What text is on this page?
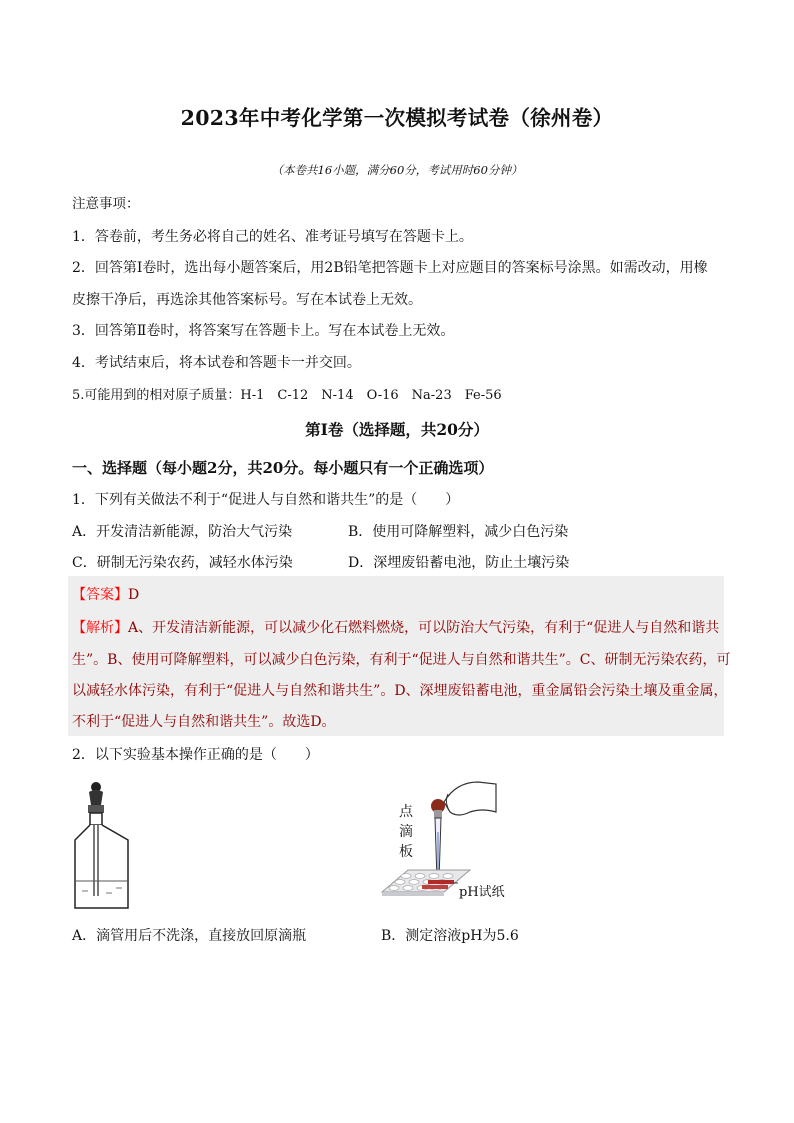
2023年中考化学第一次模拟考试卷（徐州卷）
（本卷共16小题，满分60分，考试用时60分钟）
注意事项：
1．答卷前，考生务必将自己的姓名、准考证号填写在答题卡上。
2．回答第Ⅰ卷时，选出每小题答案后，用2B铅笔把答题卡上对应题目的答案标号涂黑。如需改动，用橡
皮擦干净后，再选涂其他答案标号。写在本试卷上无效。
3．回答第Ⅱ卷时，将答案写在答题卡上。写在本试卷上无效。
4．考试结束后，将本试卷和答题卡一并交回。
5.可能用到的相对原子质量：H-1　C-12　N-14　O-16　Na-23　Fe-56
第Ⅰ卷（选择题，共20分）
一、选择题（每小题2分，共20分。每小题只有一个正确选项）
1．下列有关做法不利于“促进人与自然和谐共生”的是（　　）
A．开发清洁新能源，防治大气污染	B．使用可降解塑料，减少白色污染
C．研制无污染农药，减轻水体污染	D．深埋废铅蓄电池，防止土壤污染
【答案】D
【解析】A、开发清洁新能源，可以减少化石燃料燃烧，可以防治大气污染，有利于“促进人与自然和谐共
生”。B、使用可降解塑料，可以减少白色污染，有利于“促进人与自然和谐共生”。C、研制无污染农药，可
以减轻水体污染，有利于“促进人与自然和谐共生”。D、深埋废铅蓄电池，重金属铅会污染土壤及重金属，
不利于“促进人与自然和谐共生”。故选D。
2．以下实验基本操作正确的是（　　）
点
滴
板
pH试纸
A．滴管用后不洗涤，直接放回原滴瓶	B．测定溶液pH为5.6
